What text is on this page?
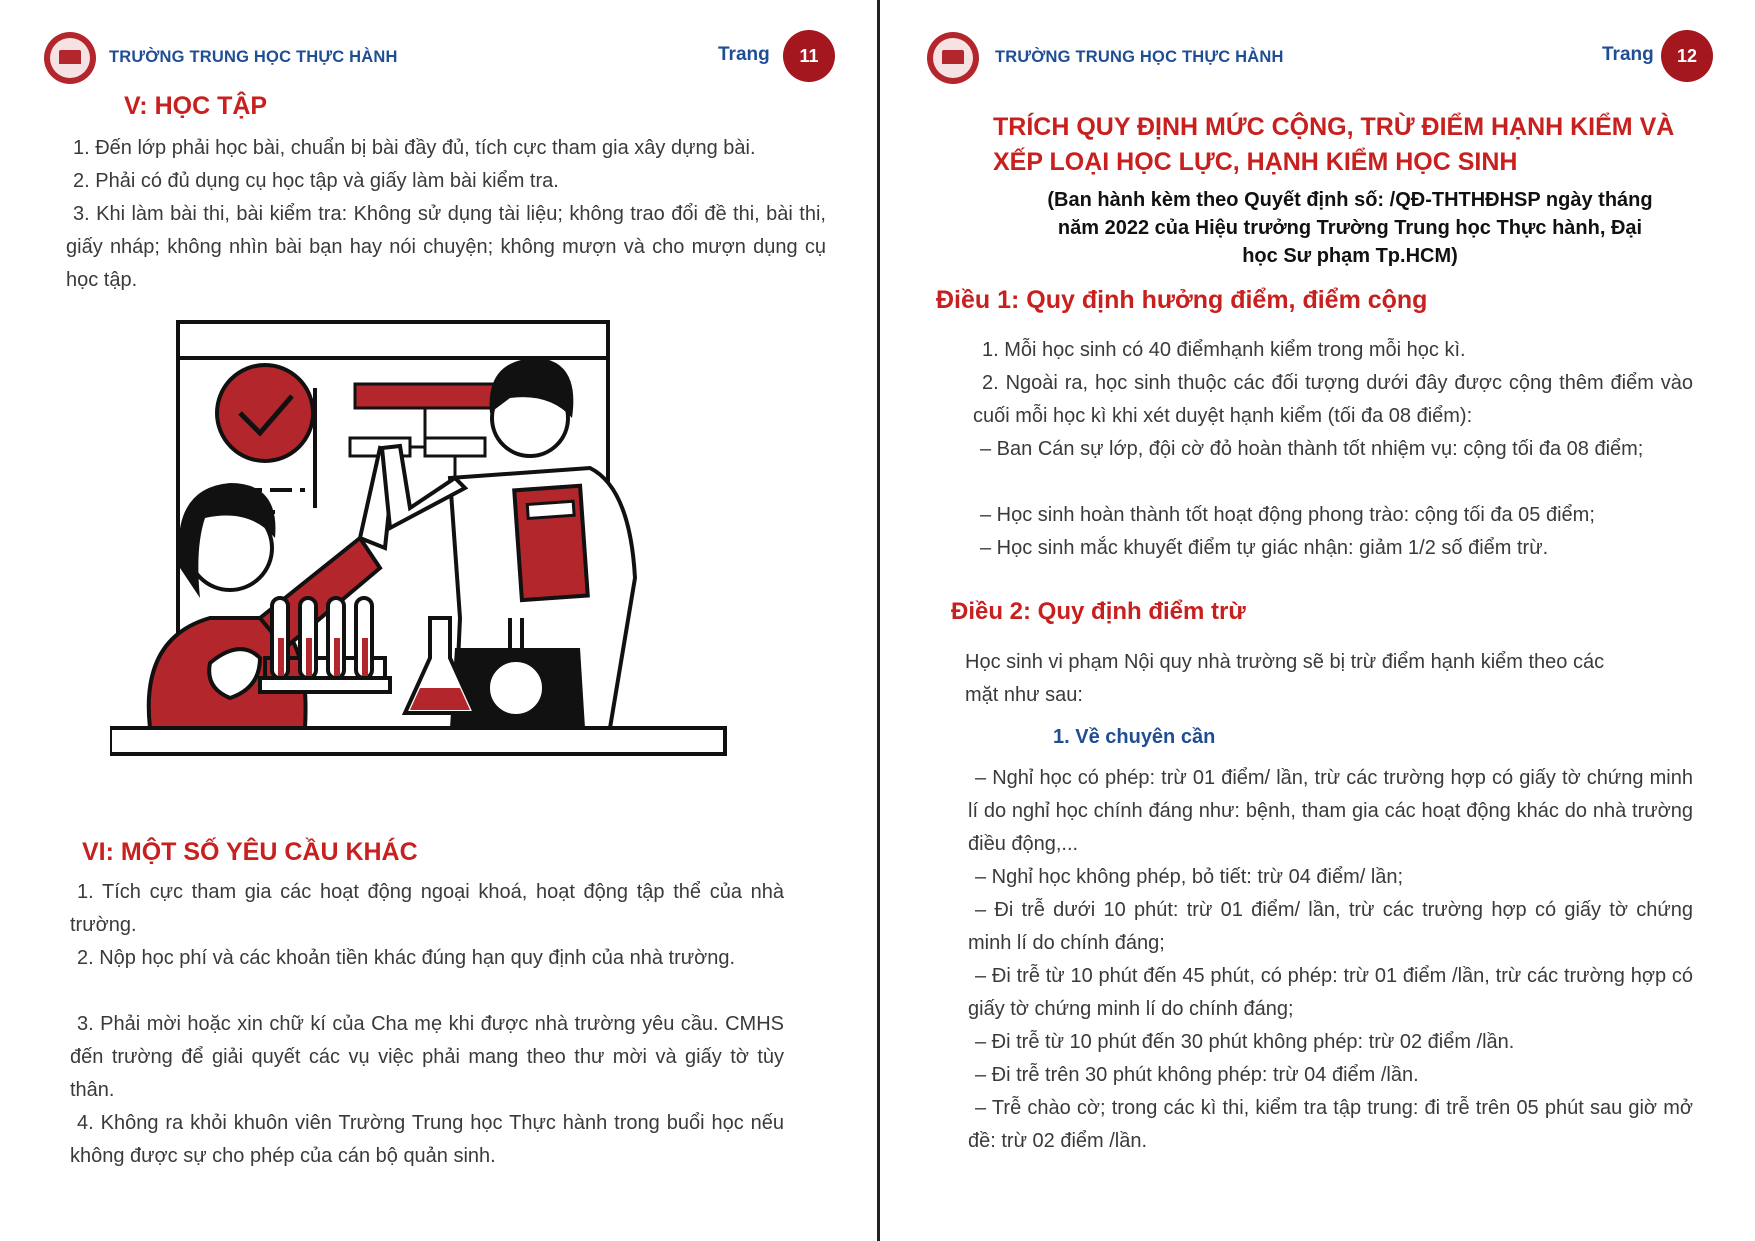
TRƯỜNG TRUNG HỌC THỰC HÀNH	Trang	11
V: HỌC TẬP
1. Đến lớp phải học bài, chuẩn bị bài đầy đủ, tích cực tham gia xây dựng bài.
2. Phải có đủ dụng cụ học tập và giấy làm bài kiểm tra.
3. Khi làm bài thi, bài kiểm tra: Không sử dụng tài liệu; không trao đổi đề thi, bài thi, giấy nháp; không nhìn bài bạn hay nói chuyện; không mượn và cho mượn dụng cụ học tập.
VI: MỘT SỐ YÊU CẦU KHÁC
1. Tích cực tham gia các hoạt động ngoại khoá, hoạt động tập thể của nhà trường.
2. Nộp học phí và các khoản tiền khác đúng hạn quy định của nhà trường.
3. Phải mời hoặc xin chữ kí của Cha mẹ khi được nhà trường yêu cầu. CMHS đến trường để giải quyết các vụ việc phải mang theo thư mời và giấy tờ tùy thân.
4. Không ra khỏi khuôn viên Trường Trung học Thực hành trong buổi học nếu không được sự cho phép của cán bộ quản sinh.
TRƯỜNG TRUNG HỌC THỰC HÀNH	Trang	12
TRÍCH QUY ĐỊNH MỨC CỘNG, TRỪ ĐIỂM HẠNH KIỂM VÀ XẾP LOẠI HỌC LỰC, HẠNH KIỂM HỌC SINH
(Ban hành kèm theo Quyết định số: /QĐ-THTHĐHSP ngày tháng năm 2022 của Hiệu trưởng Trường Trung học Thực hành, Đại học Sư phạm Tp.HCM)
Điều 1: Quy định hưởng điểm, điểm cộng
1. Mỗi học sinh có 40 điểmhạnh kiểm trong mỗi học kì.
2. Ngoài ra, học sinh thuộc các đối tượng dưới đây được cộng thêm điểm vào cuối mỗi học kì khi xét duyệt hạnh kiểm (tối đa 08 điểm):
‒ Ban Cán sự lớp, đội cờ đỏ hoàn thành tốt nhiệm vụ: cộng tối đa 08 điểm;
‒ Học sinh hoàn thành tốt hoạt động phong trào: cộng tối đa 05 điểm;
‒ Học sinh mắc khuyết điểm tự giác nhận: giảm 1/2 số điểm trừ.
Điều 2: Quy định điểm trừ
Học sinh vi phạm Nội quy nhà trường sẽ bị trừ điểm hạnh kiểm theo các mặt như sau:
1. Về chuyên cần
‒ Nghỉ học có phép: trừ 01 điểm/ lần, trừ các trường hợp có giấy tờ chứng minh lí do nghỉ học chính đáng như: bệnh, tham gia các hoạt động khác do nhà trường điều động,...
‒ Nghỉ học không phép, bỏ tiết: trừ 04 điểm/ lần;
‒ Đi trễ dưới 10 phút: trừ 01 điểm/ lần, trừ các trường hợp có giấy tờ chứng minh lí do chính đáng;
‒ Đi trễ từ 10 phút đến 45 phút, có phép: trừ 01 điểm /lần, trừ các trường hợp có giấy tờ chứng minh lí do chính đáng;
‒ Đi trễ từ 10 phút đến 30 phút không phép: trừ 02 điểm /lần.
‒ Đi trễ trên 30 phút không phép: trừ 04 điểm /lần.
‒ Trễ chào cờ; trong các kì thi, kiểm tra tập trung: đi trễ trên 05 phút sau giờ mở đề: trừ 02 điểm /lần.
